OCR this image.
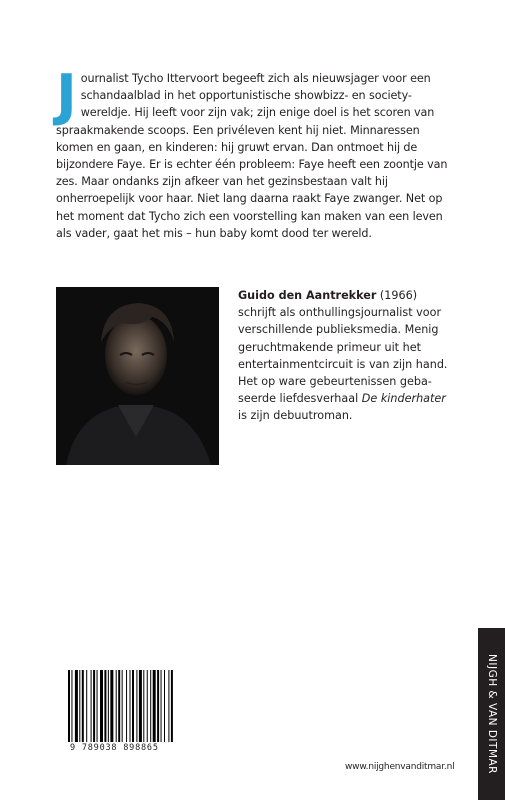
Journalist Tycho Ittervoort begeeft zich als nieuwsjager voor een schandaalblad in het opportunistische showbizz- en society-wereldje. Hij leeft voor zijn vak; zijn enige doel is het scoren van spraakmakende scoops. Een privéleven kent hij niet. Minnaressen komen en gaan, en kinderen: hij gruwt ervan. Dan ontmoet hij de bijzondere Faye. Er is echter één probleem: Faye heeft een zoontje van zes. Maar ondanks zijn afkeer van het gezinsbestaan valt hij onherroepelijk voor haar. Niet lang daarna raakt Faye zwanger. Net op het moment dat Tycho zich een voorstelling kan maken van een leven als vader, gaat het mis – hun baby komt dood ter wereld.

Guido den Aantrekker (1966)
schrijft als onthullingsjournalist voor verschillende publieksmedia. Menig geruchtmakende primeur uit het entertainmentcircuit is van zijn hand. Het op ware gebeurtenissen geba-seerde liefdesverhaal De kinderhater is zijn debuutroman.

9 789038 898865
www.nijghenvanditmar.nl	NIJGH & VAN DITMAR
